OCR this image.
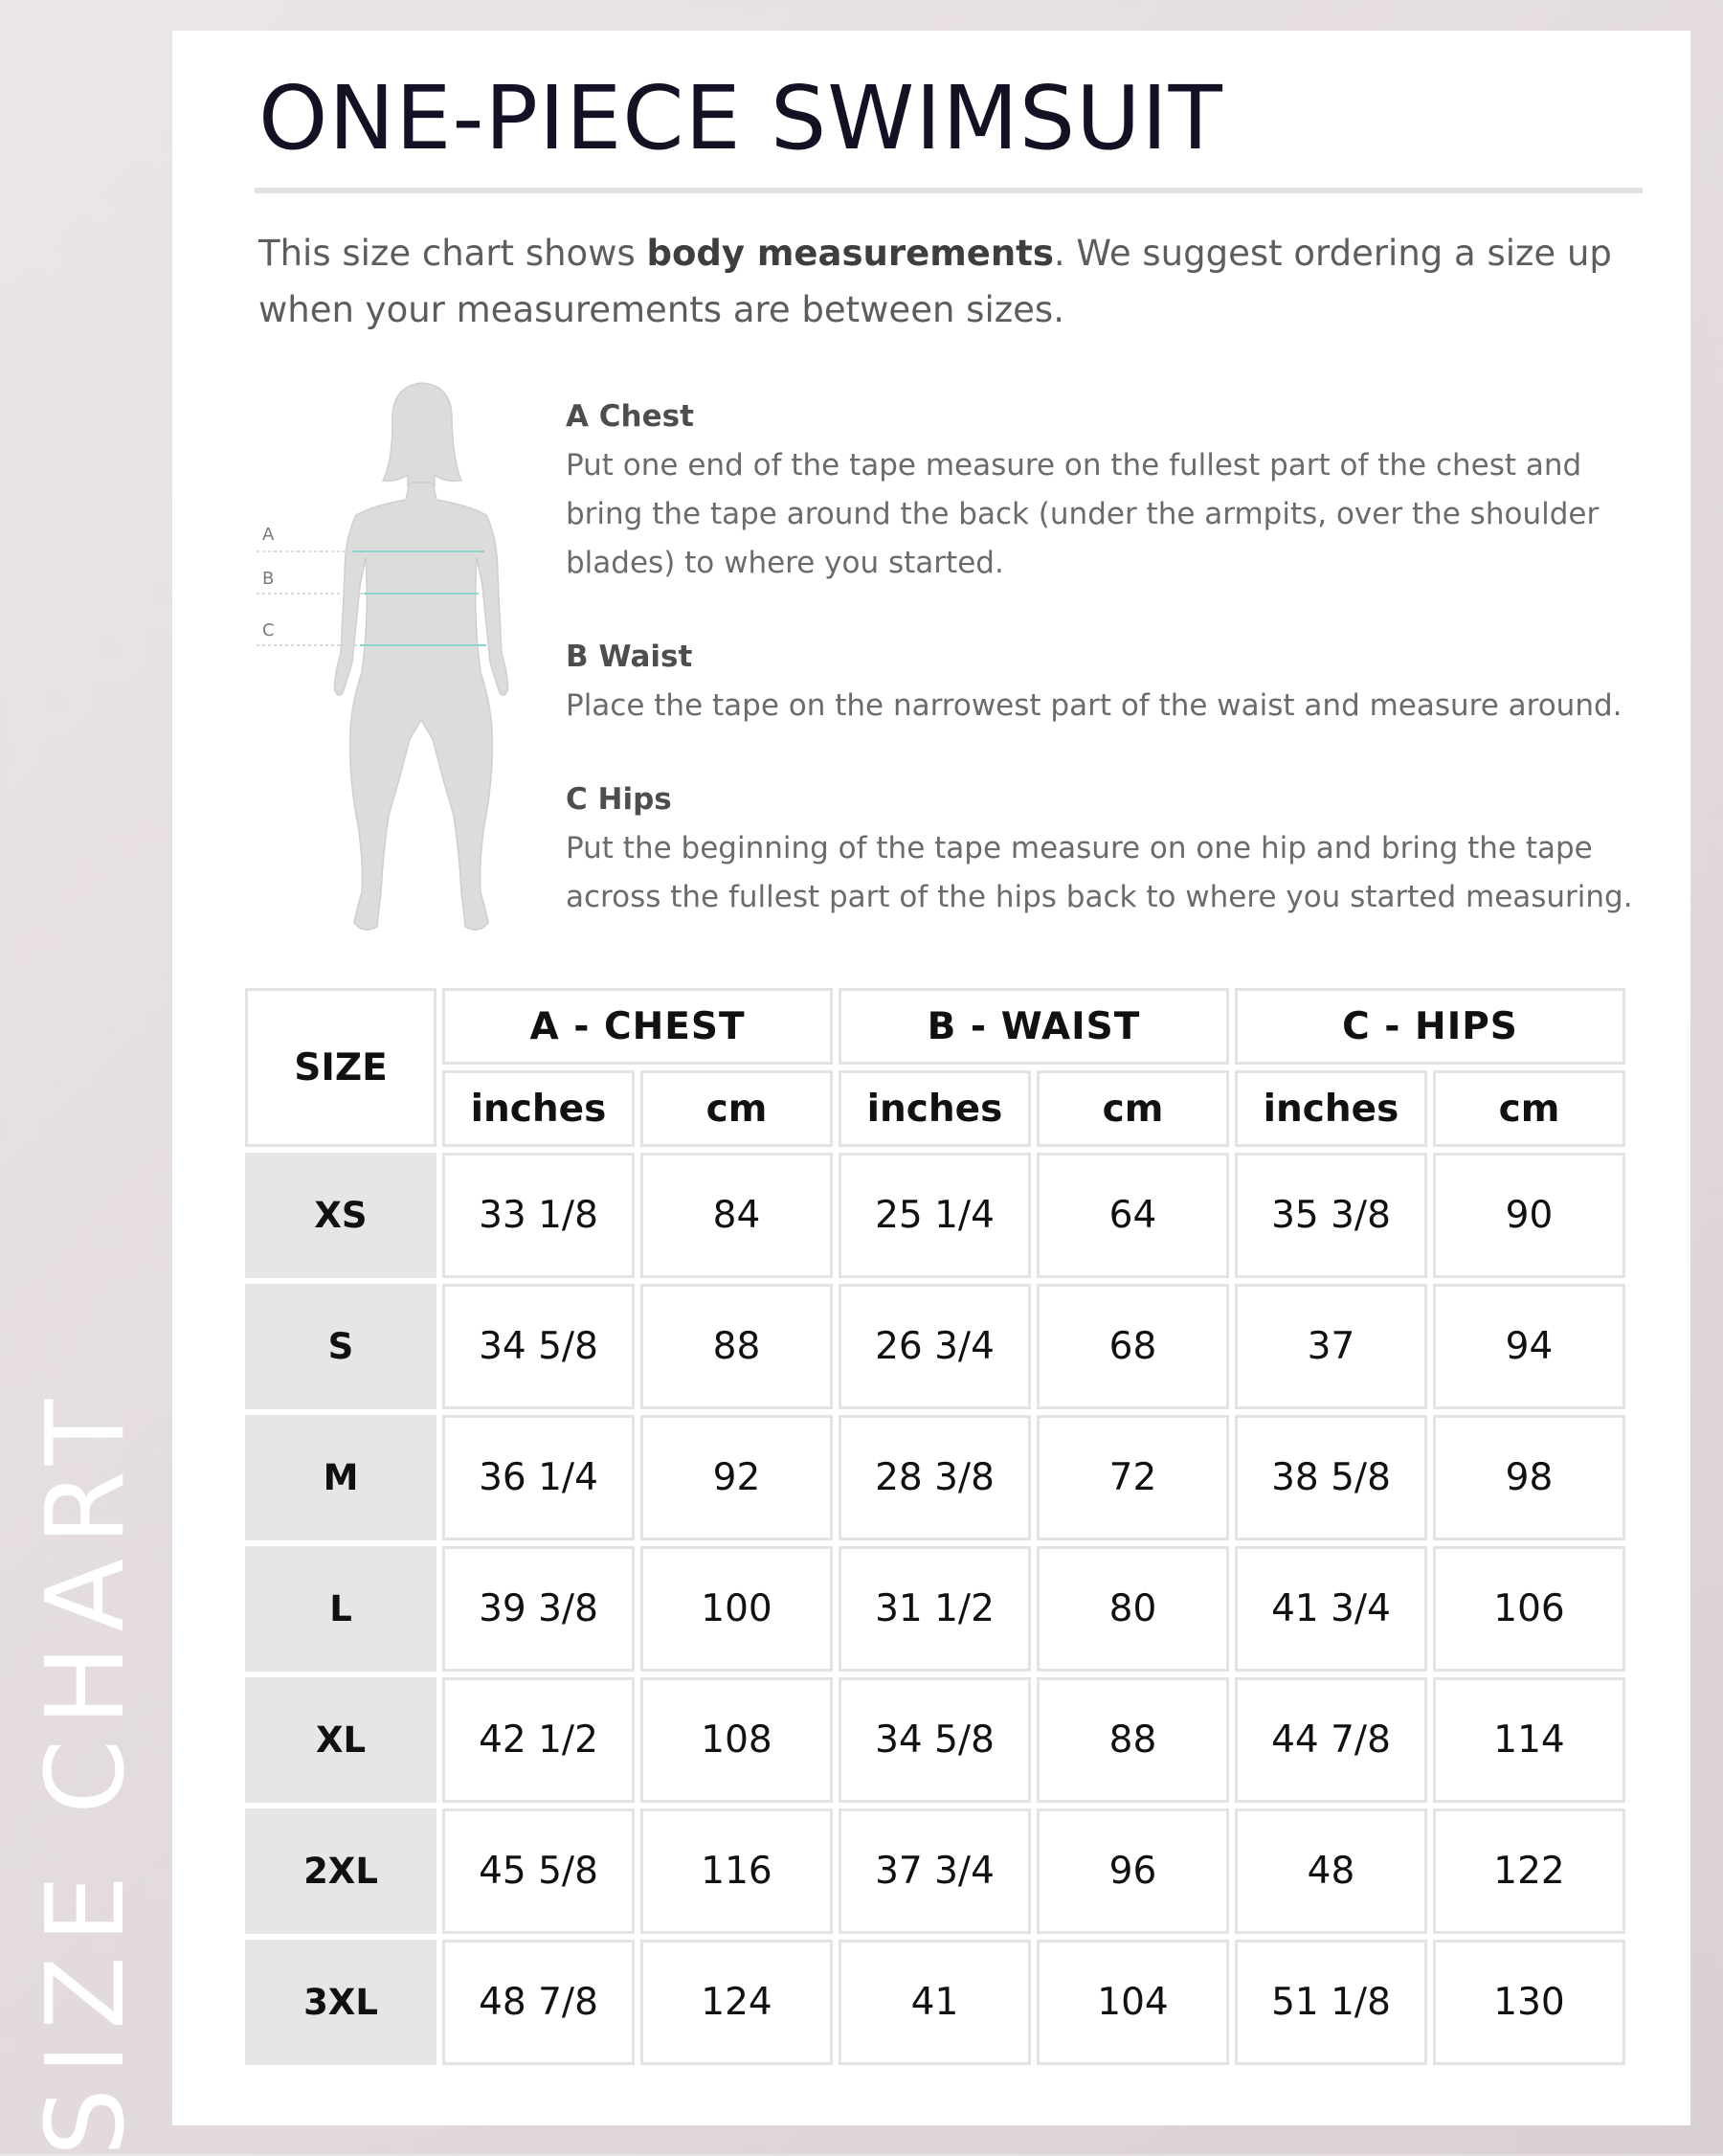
SIZE CHART
ONE-PIECE SWIMSUIT
This size chart shows body measurements. We suggest ordering a size up when your measurements are between sizes.
A
B
C
A Chest

Put one end of the tape measure on the fullest part of the chest and bring the tape around the back (under the armpits, over the shoulder blades) to where you started.

B Waist

Place the tape on the narrowest part of the waist and measure around.

C Hips

Put the beginning of the tape measure on one hip and bring the tape across the fullest part of the hips back to where you started measuring.

SIZE	A - CHEST		B - WAIST		C - HIPS	
	inches	cm	inches	cm	inches	cm
XS	33 1/8	84	25 1/4	64	35 3/8	90
S	34 5/8	88	26 3/4	68	37	94
M	36 1/4	92	28 3/8	72	38 5/8	98
L	39 3/8	100	31 1/2	80	41 3/4	106
XL	42 1/2	108	34 5/8	88	44 7/8	114
2XL	45 5/8	116	37 3/4	96	48	122
3XL	48 7/8	124	41	104	51 1/8	130
